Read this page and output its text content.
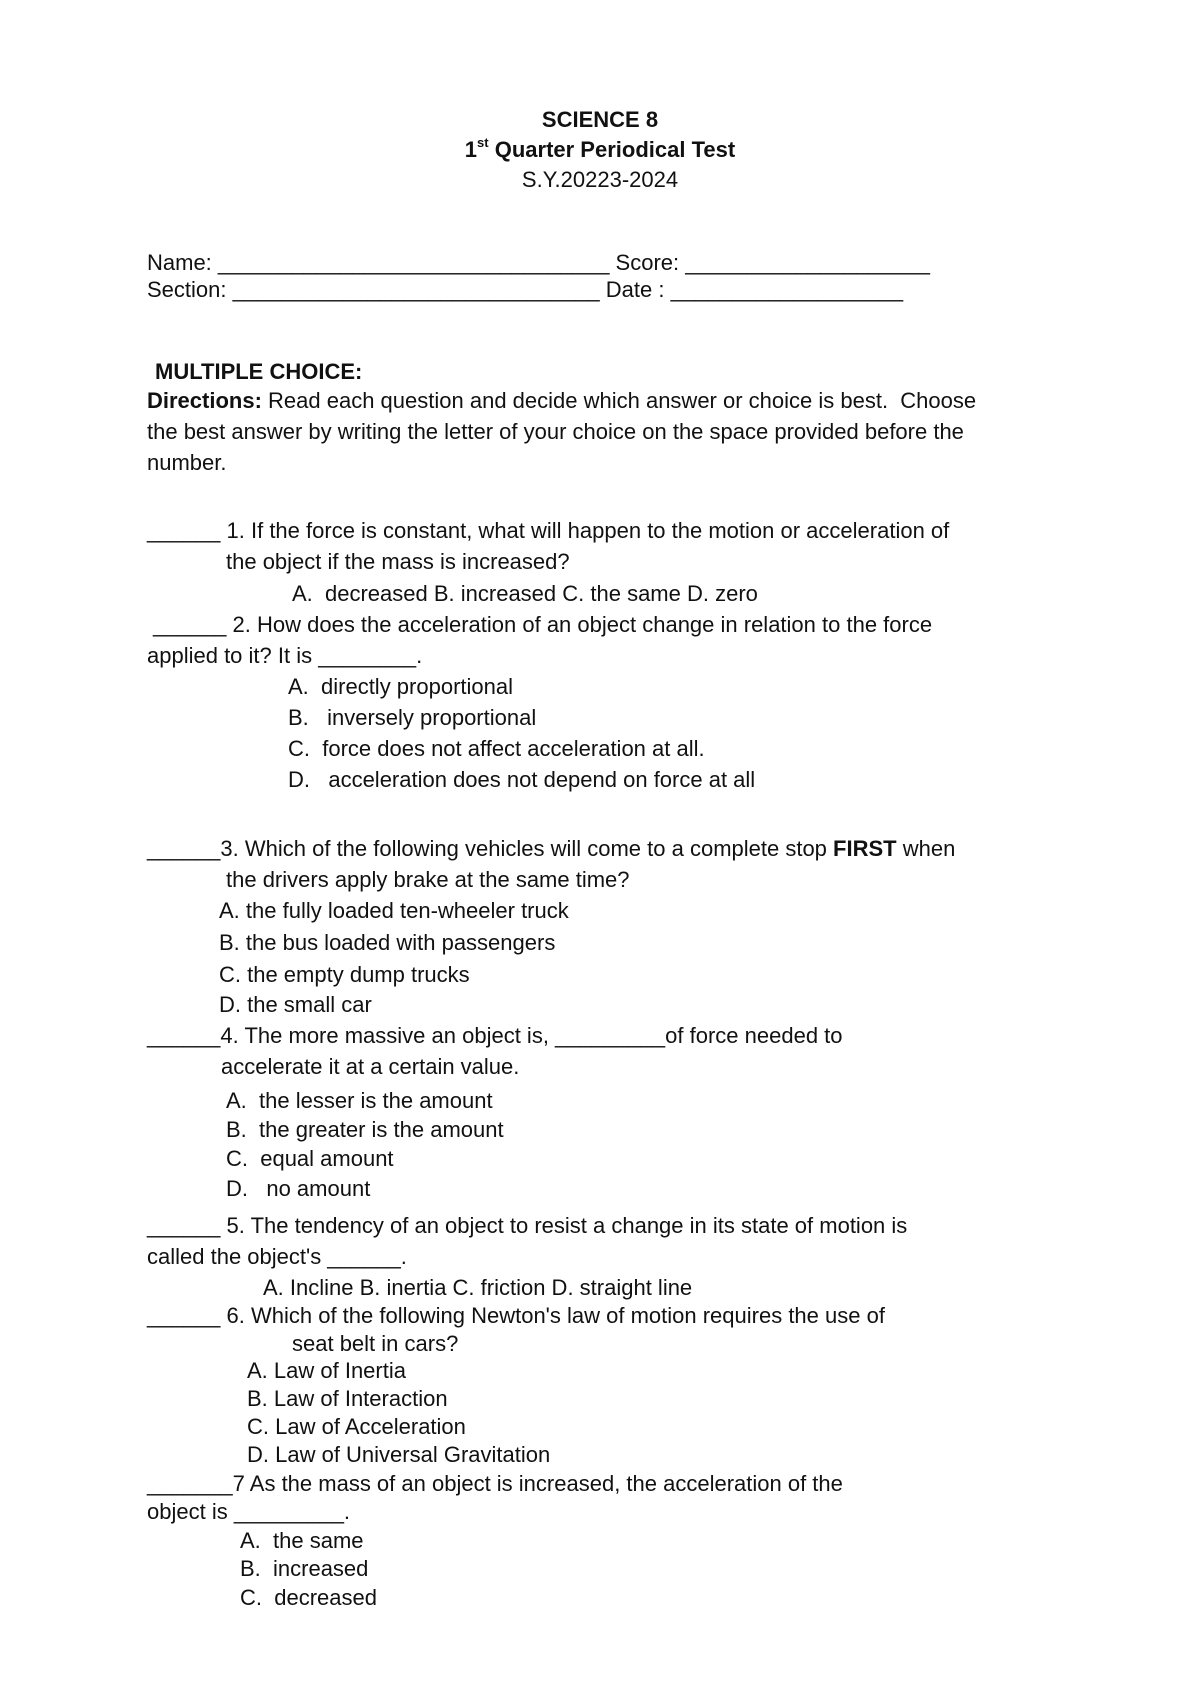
SCIENCE 8
1st Quarter Periodical Test
S.Y.20223-2024
Name: ________________________________ Score: ____________________
Section: ______________________________ Date : ___________________
MULTIPLE CHOICE:
Directions: Read each question and decide which answer or choice is best.  Choose
the best answer by writing the letter of your choice on the space provided before the
number.
______ 1. If the force is constant, what will happen to the motion or acceleration of
the object if the mass is increased?
A.  decreased B. increased C. the same D. zero
______ 2. How does the acceleration of an object change in relation to the force
applied to it? It is ________.
A.  directly proportional
B.   inversely proportional
C.  force does not affect acceleration at all.
D.   acceleration does not depend on force at all
______3. Which of the following vehicles will come to a complete stop FIRST when
the drivers apply brake at the same time?
A. the fully loaded ten-wheeler truck
B. the bus loaded with passengers
C. the empty dump trucks
D. the small car
______4. The more massive an object is, _________of force needed to
accelerate it at a certain value.
A.  the lesser is the amount
B.  the greater is the amount
C.  equal amount
D.   no amount
______ 5. The tendency of an object to resist a change in its state of motion is
called the object's ______.
A. Incline B. inertia C. friction D. straight line
______ 6. Which of the following Newton's law of motion requires the use of
seat belt in cars?
A. Law of Inertia
B. Law of Interaction
C. Law of Acceleration
D. Law of Universal Gravitation
_______7 As the mass of an object is increased, the acceleration of the
object is _________.
A.  the same
B.  increased
C.  decreased
